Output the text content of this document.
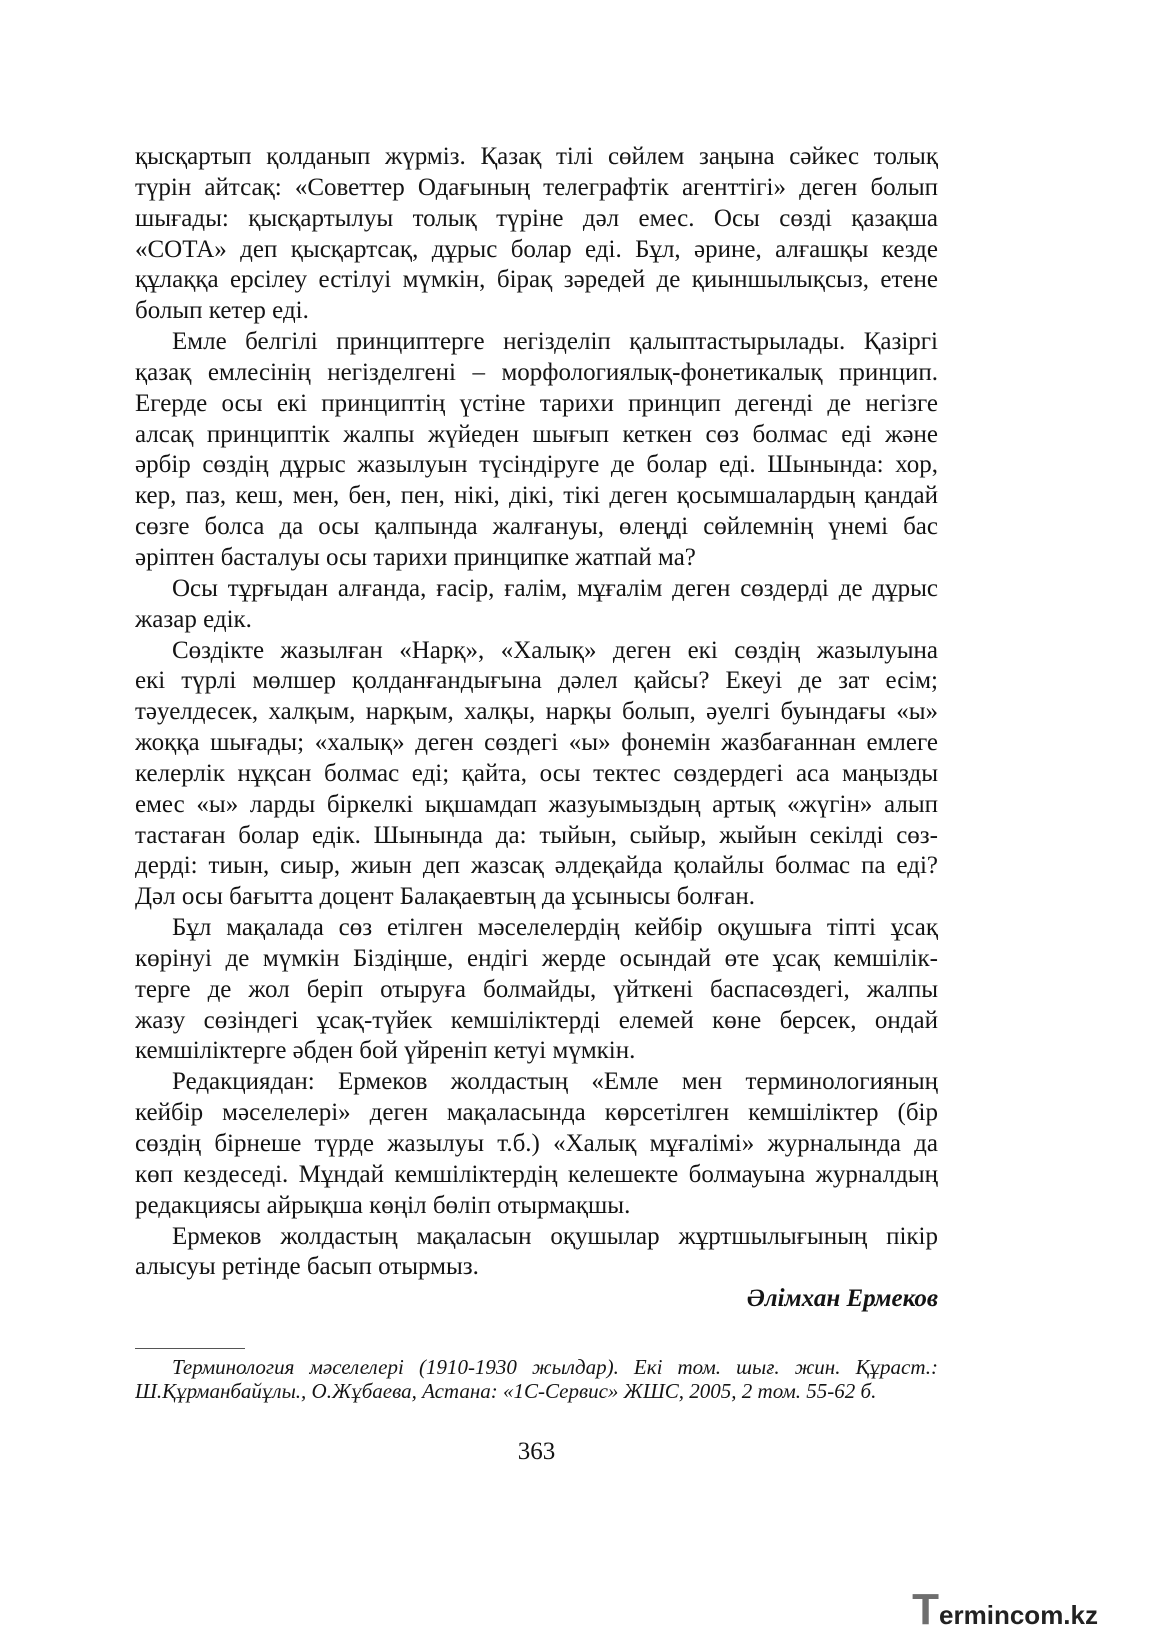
қысқартып қолданып жүрміз. Қазақ тілі сөйлем заңына сәйкес толық
түрін айтсақ: «Советтер Одағының телеграфтік агенттігі» деген болып
шығады: қысқартылуы толық түріне дәл емес. Осы сөзді қазақша
«СОТА» деп қысқартсақ, дұрыс болар еді. Бұл, әрине, алғашқы кезде
құлаққа ерсілеу естілуі мүмкін, бірақ зәредей де қиыншылықсыз, етене
болып кетер еді.
Емле белгілі принциптерге негізделіп қалыптастырылады. Қазіргі
қазақ емлесінің негізделгені – морфологиялық-фонетикалық принцип.
Егерде осы екі принциптің үстіне тарихи принцип дегенді де негізге
алсақ принциптік жалпы жүйеден шығып кеткен сөз болмас еді және
әрбір сөздің дұрыс жазылуын түсіндіруге де болар еді. Шынында: хор,
кер, паз, кеш, мен, бен, пен, нікі, дікі, тікі деген қосымшалардың қандай
сөзге болса да осы қалпында жалғануы, өлеңді сөйлемнің үнемі бас
әріптен басталуы осы тарихи принципке жатпай ма?
Осы тұрғыдан алғанда, ғасір, ғалім, мұғалім деген сөздерді де дұрыс
жазар едік.
Сөздікте жазылған «Нарқ», «Халық» деген екі сөздің жазылуына
екі түрлі мөлшер қолданғандығына дәлел қайсы? Екеуі де зат есім;
тәуелдесек, халқым, нарқым, халқы, нарқы болып, әуелгі буындағы «ы»
жоққа шығады; «халық» деген сөздегі «ы» фонемін жазбағаннан емлеге
келерлік нұқсан болмас еді; қайта, осы тектес сөздердегі аса маңызды
емес «ы» ларды біркелкі ықшамдап жазуымыздың артық «жүгін» алып
тастаған болар едік. Шынында да: тыйын, сыйыр, жыйын секілді сөз-
дерді: тиын, сиыр, жиын деп жазсақ әлдеқайда қолайлы болмас па еді?
Дәл осы бағытта доцент Балақаевтың да ұсынысы болған.
Бұл мақалада сөз етілген мәселелердің кейбір оқушыға тіпті ұсақ
көрінуі де мүмкін Біздіңше, ендігі жерде осындай өте ұсақ кемшілік-
терге де жол беріп отыруға болмайды, үйткені баспасөздегі, жалпы
жазу сөзіндегі ұсақ-түйек кемшіліктерді елемей көне берсек, ондай
кемшіліктерге әбден бой үйреніп кетуі мүмкін.
Редакциядан: Ермеков жолдастың «Емле мен терминологияның
кейбір мәселелері» деген мақаласында көрсетілген кемшіліктер (бір
сөздің бірнеше түрде жазылуы т.б.) «Халық мұғалімі» журналында да
көп кездеседі. Мұндай кемшіліктердің келешекте болмауына журналдың
редакциясы айрықша көңіл бөліп отырмақшы.
Ермеков жолдастың мақаласын оқушылар жұртшылығының пікір
алысуы ретінде басып отырмыз.
Әлімхан Ермеков
Терминология мәселелері (1910-1930 жылдар). Екі том. шығ. жин. Құраст.:
Ш.Құрманбайұлы., О.Жұбаева, Астана: «1С-Сервис» ЖШС, 2005, 2 том. 55-62 б.
363
Termincom.kz
